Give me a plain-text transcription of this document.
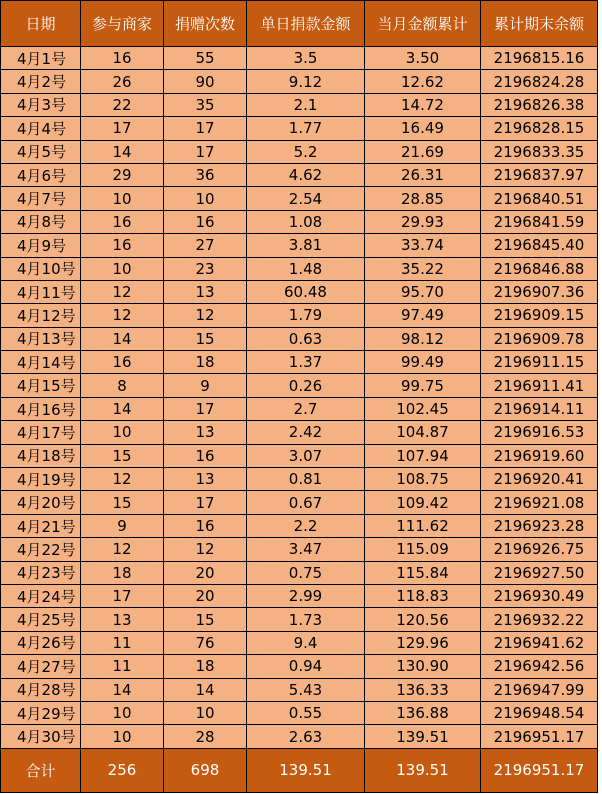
日期	参与商家	捐赠次数	单日捐款金额	当月金额累计	累计期末余额
4月1号	16	55	3.5	3.50	2196815.16
4月2号	26	90	9.12	12.62	2196824.28
4月3号	22	35	2.1	14.72	2196826.38
4月4号	17	17	1.77	16.49	2196828.15
4月5号	14	17	5.2	21.69	2196833.35
4月6号	29	36	4.62	26.31	2196837.97
4月7号	10	10	2.54	28.85	2196840.51
4月8号	16	16	1.08	29.93	2196841.59
4月9号	16	27	3.81	33.74	2196845.40
4月10号	10	23	1.48	35.22	2196846.88
4月11号	12	13	60.48	95.70	2196907.36
4月12号	12	12	1.79	97.49	2196909.15
4月13号	14	15	0.63	98.12	2196909.78
4月14号	16	18	1.37	99.49	2196911.15
4月15号	8	9	0.26	99.75	2196911.41
4月16号	14	17	2.7	102.45	2196914.11
4月17号	10	13	2.42	104.87	2196916.53
4月18号	15	16	3.07	107.94	2196919.60
4月19号	12	13	0.81	108.75	2196920.41
4月20号	15	17	0.67	109.42	2196921.08
4月21号	9	16	2.2	111.62	2196923.28
4月22号	12	12	3.47	115.09	2196926.75
4月23号	18	20	0.75	115.84	2196927.50
4月24号	17	20	2.99	118.83	2196930.49
4月25号	13	15	1.73	120.56	2196932.22
4月26号	11	76	9.4	129.96	2196941.62
4月27号	11	18	0.94	130.90	2196942.56
4月28号	14	14	5.43	136.33	2196947.99
4月29号	10	10	0.55	136.88	2196948.54
4月30号	10	28	2.63	139.51	2196951.17
合计	256	698	139.51	139.51	2196951.17
